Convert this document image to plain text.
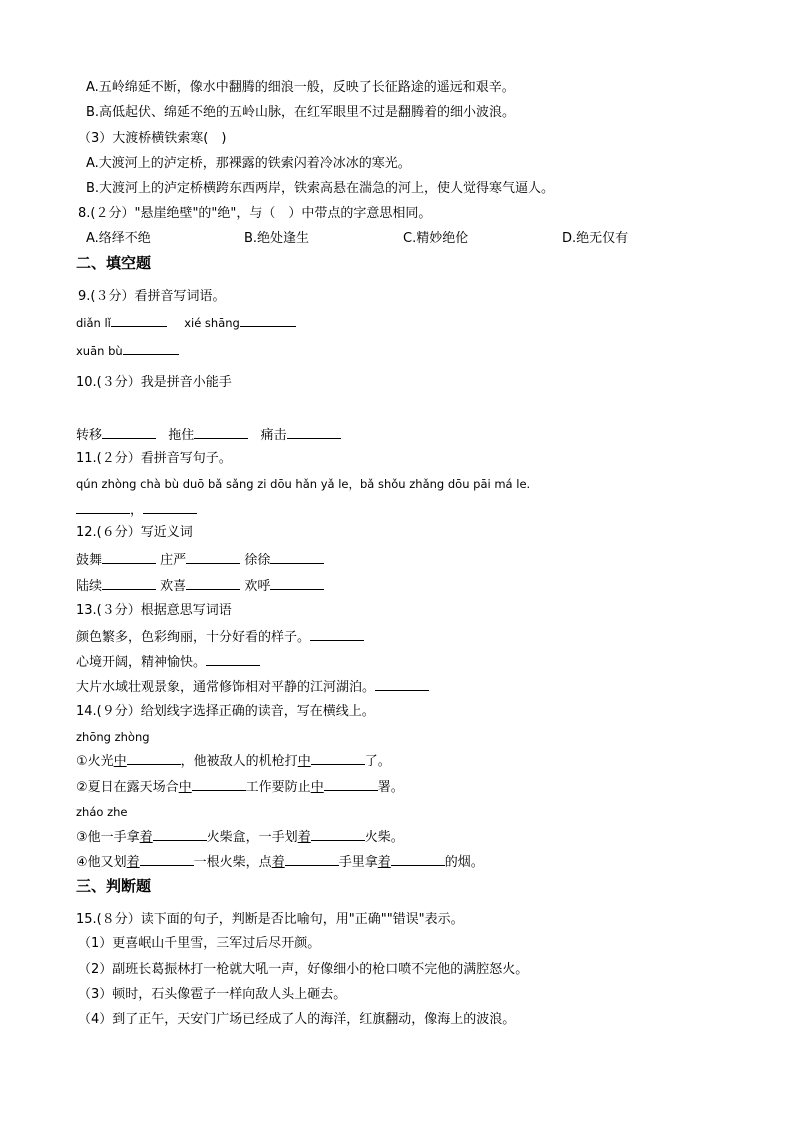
A.五岭绵延不断，像水中翻腾的细浪一般，反映了长征路途的遥远和艰辛。
B.高低起伏、绵延不绝的五岭山脉，在红军眼里不过是翻腾着的细小波浪。
（3）大渡桥横铁索寒(　)
A.大渡河上的泸定桥，那裸露的铁索闪着冷冰冰的寒光。
B.大渡河上的泸定桥横跨东西两岸，铁索高悬在湍急的河上，使人觉得寒气逼人。
8.(２分）"悬崖绝壁"的"绝"，与（　）中带点的字意思相同。
A.络绎不绝	B.绝处逢生	C.精妙绝伦	D.绝无仅有
二、填空题
9.(３分）看拼音写词语。
diǎn lǐ	xié shāng
xuān bù
10.(３分）我是拼音小能手
转移	拖住	痛击
11.(２分）看拼音写句子。
qún zhòng chà bù duō bǎ sǎng zi dōu hǎn yǎ le，bǎ shǒu zhǎng dōu pāi má le.
，
12.(６分）写近义词
鼓舞	庄严	徐徐
陆续	欢喜	欢呼
13.(３分）根据意思写词语
颜色繁多，色彩绚丽，十分好看的样子。
心境开阔，精神愉快。
大片水域壮观景象，通常修饰相对平静的江河湖泊。
14.(９分）给划线字选择正确的读音，写在横线上。
zhōng zhòng
①火光中	，他被敌人的机枪打中	了。
②夏日在露天场合中	工作要防止中	署。
zháo zhe
③他一手拿着	火柴盒，一手划着	火柴。
④他又划着	一根火柴，点着	手里拿着	的烟。
三、判断题
15.(８分）读下面的句子，判断是否比喻句，用"正确""错误"表示。
（1）更喜岷山千里雪，三军过后尽开颜。
（2）副班长葛振林打一枪就大吼一声，好像细小的枪口喷不完他的满腔怒火。
（3）顿时，石头像雹子一样向敌人头上砸去。
（4）到了正午，天安门广场已经成了人的海洋，红旗翻动，像海上的波浪。
